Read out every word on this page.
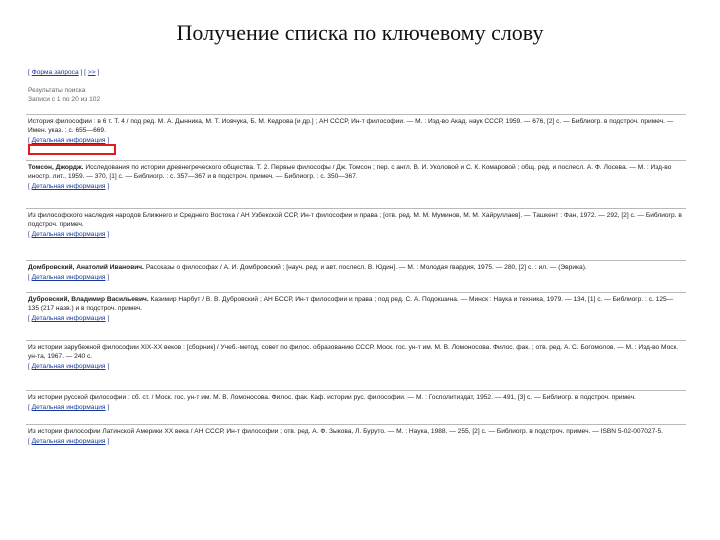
Получение списка по ключевому слову
[ Форма запроса ] [ >> ]
Результаты поиска
Записи с 1 по 20 из 102
История философии : в 6 т. Т. 4 / под ред. М. А. Дынника, М. Т. Иовчука, Б. М. Кедрова [и др.] ; АН СССР, Ин-т философии. — М. : Изд-во Акад. наук СССР, 1959. — 676, [2] с. — Библиогр. в подстроч. примеч. — Имен. указ. : с. 655—669.
[ Детальная информация ]
Томсон, Джордж. Исследования по истории древнегреческого общества. Т. 2. Первые философы / Дж. Томсон ; пер. с англ. В. И. Уколовой и С. К. Комаровой ; общ. ред. и послесл. А. Ф. Лосева. — М. : Изд-во иностр. лит., 1959. — 370, [1] с. — Библиогр. : с. 357—367 и в подстроч. примеч. — Библиогр. : с. 350—367.
[ Детальная информация ]
Из философского наследия народов Ближнего и Среднего Востока / АН Узбекской ССР, Ин-т философии и права ; [отв. ред. М. М. Муминов, М. М. Хайруллаев]. — Ташкент : Фан, 1972. — 292, [2] с. — Библиогр. в подстроч. примеч.
[ Детальная информация ]
Домбровский, Анатолий Иванович. Рассказы о философах / А. И. Домбровский ; [науч. ред. и авт. послесл. В. Юдин]. — М. : Молодая гвардия, 1975. — 280, [2] с. : ил. — (Эврика).
[ Детальная информация ]
Дубровский, Владимир Васильевич. Казимир Нарбут / В. В. Дубровский ; АН БССР, Ин-т философии и права ; под ред. С. А. Подокшина. — Минск : Наука и техника, 1979. — 134, [1] с. — Библиогр. : с. 125—135 (217 назв.) и в подстроч. примеч.
[ Детальная информация ]
Из истории зарубежной философии XIX-XX веков : [сборник] / Учеб.-метод. совет по филос. образованию СССР. Моск. гос. ун-т им. М. В. Ломоносова. Филос. фак. ; отв. ред. А. С. Богомолов. — М. : Изд-во Моск. ун-та, 1967. — 240 с.
[ Детальная информация ]
Из истории русской философии : сб. ст. / Моск. гос. ун-т им. М. В. Ломоносова. Филос. фак. Каф. истории рус. философии. — М. : Госполитиздат, 1952. — 491, [3] с. — Библиогр. в подстроч. примеч.
[ Детальная информация ]
Из истории философии Латинской Америки XX века / АН СССР, Ин-т философии ; отв. ред. А. Ф. Зыкова, Л. Буруто. — М. : Наука, 1988. — 255, [2] с. — Библиогр. в подстроч. примеч. — ISBN 5-02-007027-5.
[ Детальная информация ]
